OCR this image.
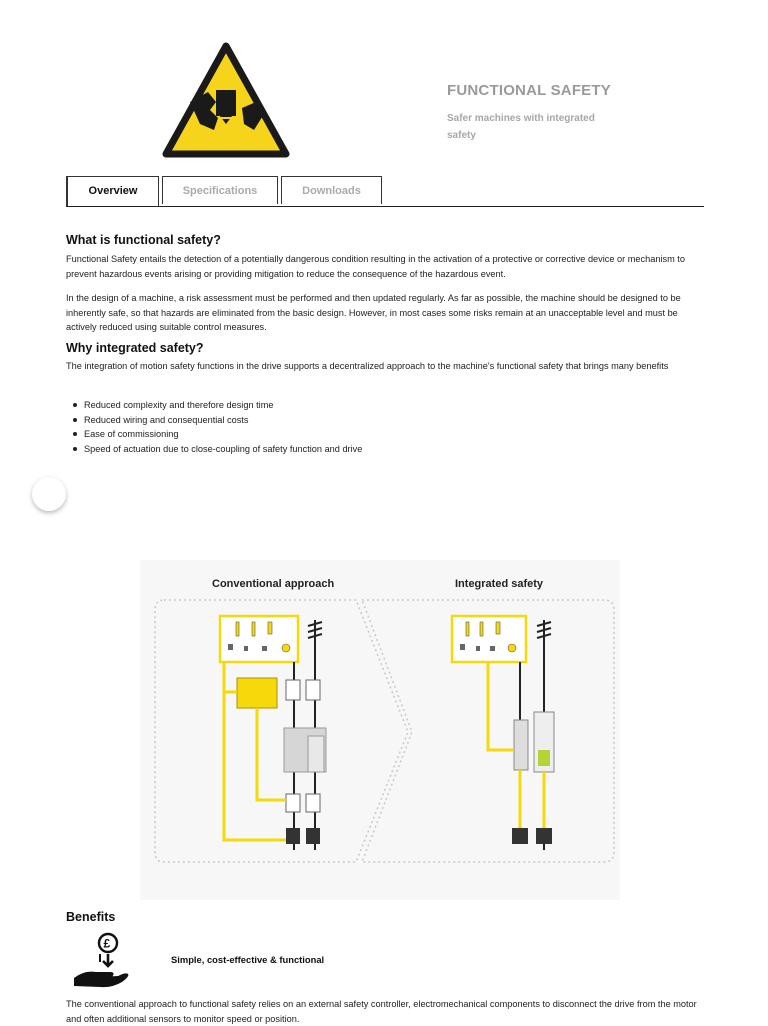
FUNCTIONAL SAFETY
Safer machines with integrated safety
Overview	Specifications	Downloads
What is functional safety?

Functional Safety entails the detection of a potentially dangerous condition resulting in the activation of a protective or corrective device or mechanism to prevent hazardous events arising or providing mitigation to reduce the consequence of the hazardous event.

In the design of a machine, a risk assessment must be performed and then updated regularly. As far as possible, the machine should be designed to be inherently safe, so that hazards are eliminated from the basic design. However, in most cases some risks remain at an unacceptable level and must be actively reduced using suitable control measures.

Why integrated safety?

The integration of motion safety functions in the drive supports a decentralized approach to the machine's functional safety that brings many benefits

Reduced complexity and therefore design time
Reduced wiring and consequential costs
Ease of commissioning
Speed of actuation due to close-coupling of safety function and drive
Conventional approach	Integrated safety
Benefits
£
Simple, cost-effective & functional

The conventional approach to functional safety relies on an external safety controller, electromechanical components to disconnect the drive from the motor and often additional sensors to monitor speed or position.
